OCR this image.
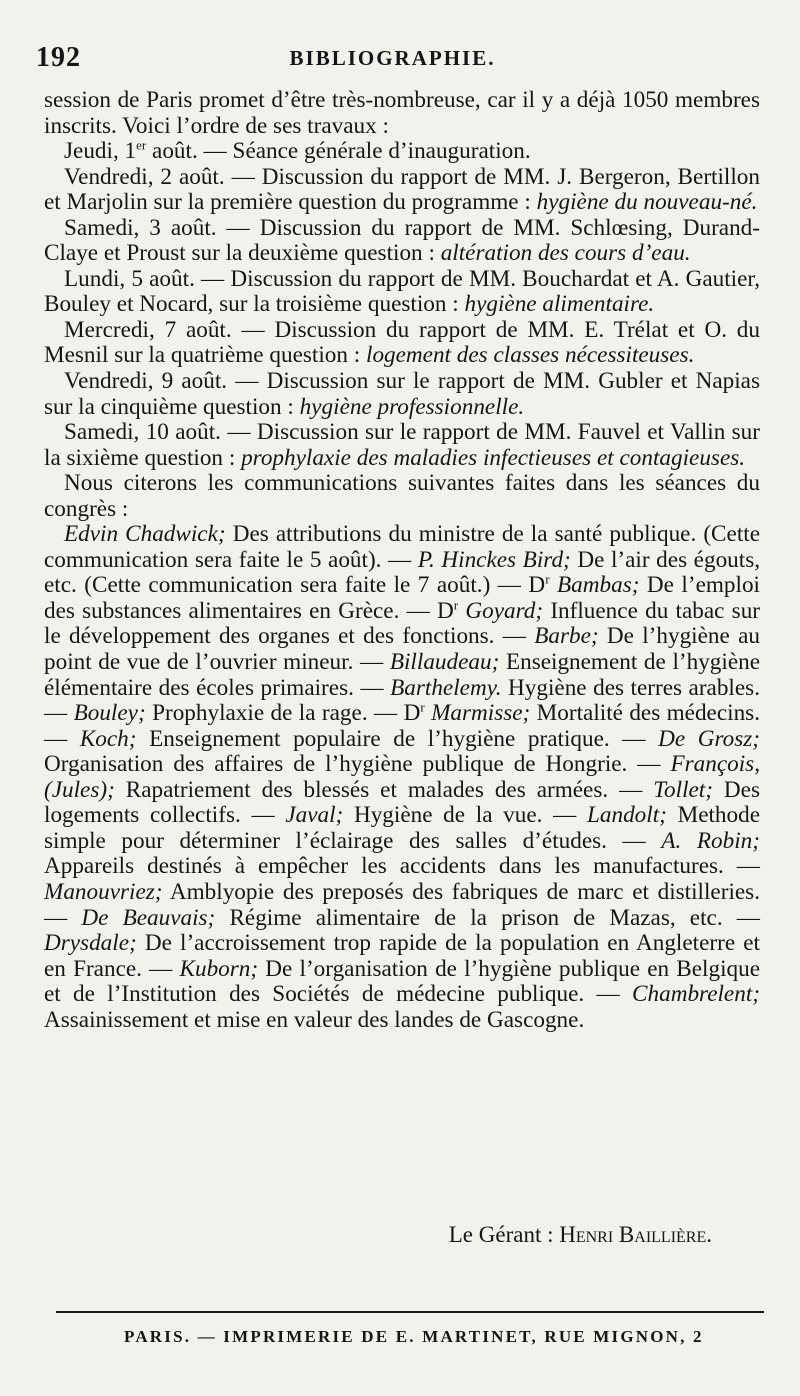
192	BIBLIOGRAPHIE.

session de Paris promet d’être très-nombreuse, car il y a déjà 1050 membres inscrits. Voici l’ordre de ses travaux :

Jeudi, 1er août. — Séance générale d’inauguration.

Vendredi, 2 août. — Discussion du rapport de MM. J. Bergeron, Bertillon et Marjolin sur la première question du programme : hygiène du nouveau-né.

Samedi, 3 août. — Discussion du rapport de MM. Schlœsing, Durand-Claye et Proust sur la deuxième question : altération des cours d’eau.

Lundi, 5 août. — Discussion du rapport de MM. Bouchardat et A. Gautier, Bouley et Nocard, sur la troisième question : hygiène alimentaire.

Mercredi, 7 août. — Discussion du rapport de MM. E. Trélat et O. du Mesnil sur la quatrième question : logement des classes nécessiteuses.

Vendredi, 9 août. — Discussion sur le rapport de MM. Gubler et Napias sur la cinquième question : hygiène professionnelle.

Samedi, 10 août. — Discussion sur le rapport de MM. Fauvel et Vallin sur la sixième question : prophylaxie des maladies infectieuses et contagieuses.

Nous citerons les communications suivantes faites dans les séances du congrès :

Edvin Chadwick; Des attributions du ministre de la santé publique. (Cette communication sera faite le 5 août). — P. Hinckes Bird; De l’air des égouts, etc. (Cette communication sera faite le 7 août.) — $D^r$ Bambas; De l’emploi des substances alimentaires en Grèce. — $D^r$ Goyard; Influence du tabac sur le développement des organes et des fonctions. — Barbe; De l’hygiène au point de vue de l’ouvrier mineur. — Billaudeau; Enseignement de l’hygiène élémentaire des écoles primaires. — Barthelemy. Hygiène des terres arables. — Bouley; Prophylaxie de la rage. — $D^r$ Marmisse; Mortalité des médecins. — Koch; Enseignement populaire de l’hygiène pratique. — De Grosz; Organisation des affaires de l’hygiène publique de Hongrie. — François, (Jules); Rapatriement des blessés et malades des armées. — Tollet; Des logements collectifs. — Javal; Hygiène de la vue. — Landolt; Methode simple pour déterminer l’éclairage des salles d’études. — A. Robin; Appareils destinés à empêcher les accidents dans les manufactures. — Manouvriez; Amblyopie des preposés des fabriques de marc et distilleries. — De Beauvais; Régime alimentaire de la prison de Mazas, etc. — Drysdale; De l’accroissement trop rapide de la population en Angleterre et en France. — Kuborn; De l’organisation de l’hygiène publique en Belgique et de l’Institution des Sociétés de médecine publique. — Chambrelent; Assainissement et mise en valeur des landes de Gascogne.

Le Gérant : Henri Baillière.
PARIS. — IMPRIMERIE DE E. MARTINET, RUE MIGNON, 2
